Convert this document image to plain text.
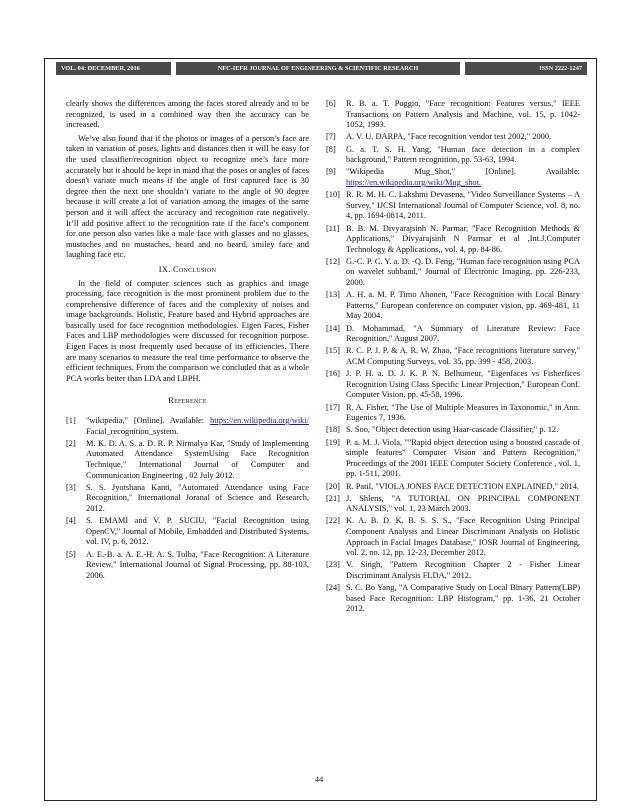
VOL. 04: DECEMBER, 2016	NFC-IEFR JOURNAL OF ENGINEERING & SCIENTIFIC RESEARCH	ISSN 2222-1247

clearly shows the differences among the faces stored already and to be recognized, is used in a combined way then the accuracy can be increased.

We’ve also found that if the photos or images of a person’s face are taken in variation of poses, lights and distances then it will be easy for the used classifier/recognition object to recognize one’s face more accurately but it should be kept in mind that the poses or angles of faces doesn't variate much means if the angle of first captured face is 30 degree then the next one shouldn’t variate to the angle of 90 degree because it will create a lot of variation among the images of the same person and it will affect the accuracy and recognition rate negatively. It’ll add positive affect to the recognition rate if the face’s component for one person also varies like a male face with glasses and no glasses, mustaches and no mustaches, beard and no beard, smiley face and laughing face etc.

IX. Conclusion

In the field of computer sciences such as graphics and image processing, face recognition is the most prominent problem due to the comprehensive difference of faces and the complexity of noises and image backgrounds. Holistic, Feature based and Hybrid approaches are basically used for face recognition methodologies. Eigen Faces, Fisher Faces and LBP methodologies were discussed for recognition purpose. Eigen Faces is most frequently used because of its efficiencies. There are many scenarios to measure the real time performance to observe the efficient techniques. From the comparison we concluded that as a whole PCA works better than LDA and LBPH.

Reference
[1]	"wikipedia," [Online]. Available: https://en.wikipedia.org/wiki/ Facial_recognition_system.
[2]	M. K. D. A. S. a. D. R. P. Nirmalya Kar, "Study of Implementing Automated Attendance SystemUsing Face Recognition Technique," International Journal of Computer and Communication Engineering , 02 July 2012.
[3]	S. S. Jyotshana Kanti, "Automated Attendance using Face Recognition," International Joranal of Science and Research, 2012.
[4]	S. EMAMI and V. P. SUCIU, "Facial Recognition using OpenCV," Journal of Mobile, Embadded and Distributed Systems, vol. IV, p. 6, 2012.
[5]	A. E.-B. a. A. E.-H. A. S. Tolba, "Face Recognition: A Literature Review," International Journal of Signal Processing, pp. 88-103, 2006.
[6]	R. B. a. T. Poggio, "Face recognition: Features versus," IEEE Transactions on Pattern Analysis and Machine, vol. 15, p. 1042- 1052, 1993.
[7]	A. V. U. DARPA, "Face recognition vendor test 2002," 2000.
[8]	G. a. T. S. H. Yang, "Human face detection in a complex background," Pattern recognition, pp. 53-63, 1994.
[9]	"Wikipedia Mug_Shot," [Online]. Available: https://en.wikipedia.org/wiki/Mug_shot.
[10] R. R. M. H. C. Lakshmi Devasena, "Video Surveillance Systems – A Survey," IJCSI International Journal of Computer Science, vol. 8, no. 4, pp. 1694-0814, 2011.
[11] B. B. M. Divyarajsinh N. Parmar, "Face Recognition Methods & Applications," Divyarajsinh N Parmar et al ,Int.J.Computer Technology & Applications,, vol. 4, pp. 84-86.
[12] G.-C. P. C. Y. a. D. -Q. D. Feng, "Human face recognition using PCA on wavelet subband," Journal of Electronic Imaging, pp. 226-233, 2000.
[13] A. H. a. M. P. Timo Ahonen, "Face Recognition with Local Binary Patterns," European conference on computer vision, pp. 469-481, 11 May 2004.
[14] D. Mohammad, "A Summary of Literature Review: Face Recognition," August 2007.
[15] R. C. P. J. P. & A. R. W. Zhao, "Face recognitions literature survey," ACM Computing Surveys, vol. 35, pp. 399 - 458, 2003.
[16] J. P. H. a. D. J. K. P. N. Belhumeur, "Eigenfaces vs Fisherfices Recognition Using Class Specific Linear Projection," European Conf. Computer Vision, pp. 45-58, 1996.
[17] R. A. Fisher, "The Use of Multiple Measures in Taxonomic," in Ann. Eugenics 7, 1936.
[18] S. Soo, "Object detection using Haar-cascade Classifier," p. 12.
[19] P. a. M. J. Viola, ""Rapid object detection using a boosted cascade of simple features" Computer Vision and Pattern Recognition," Proceedings of the 2001 IEEE Computer Society Conference , vol. 1, pp. 1-511, 2001.
[20] R. Patil, "VIOLA JONES FACE DETECTION EXPLAINED," 2014.
[21] J. Shlens, "A TUTORIAL ON PRINCIPAL COMPONENT ANALYSIS," vol. 1, 23 March 2003.
[22] K. A. B. D. K. B. S. S. S., "Face Recognition Using Principal Component Analysis and Linear Discriminant Analysis on Holistic Approach in Facial Images Database," IOSR Journal of Engineering, vol. 2, no. 12, pp. 12-23, December 2012.
[23] V. Singh, "Pattern Recognition Chapter 2 - Fisher Linear Discriminant Analysis FLDA," 2012.
[24] S. C. Bo Yang, "A Comparative Study on Local Binary Pattern(LBP) based Face Recognition: LBP Histogram," pp. 1-36, 21 October 2012.
44
